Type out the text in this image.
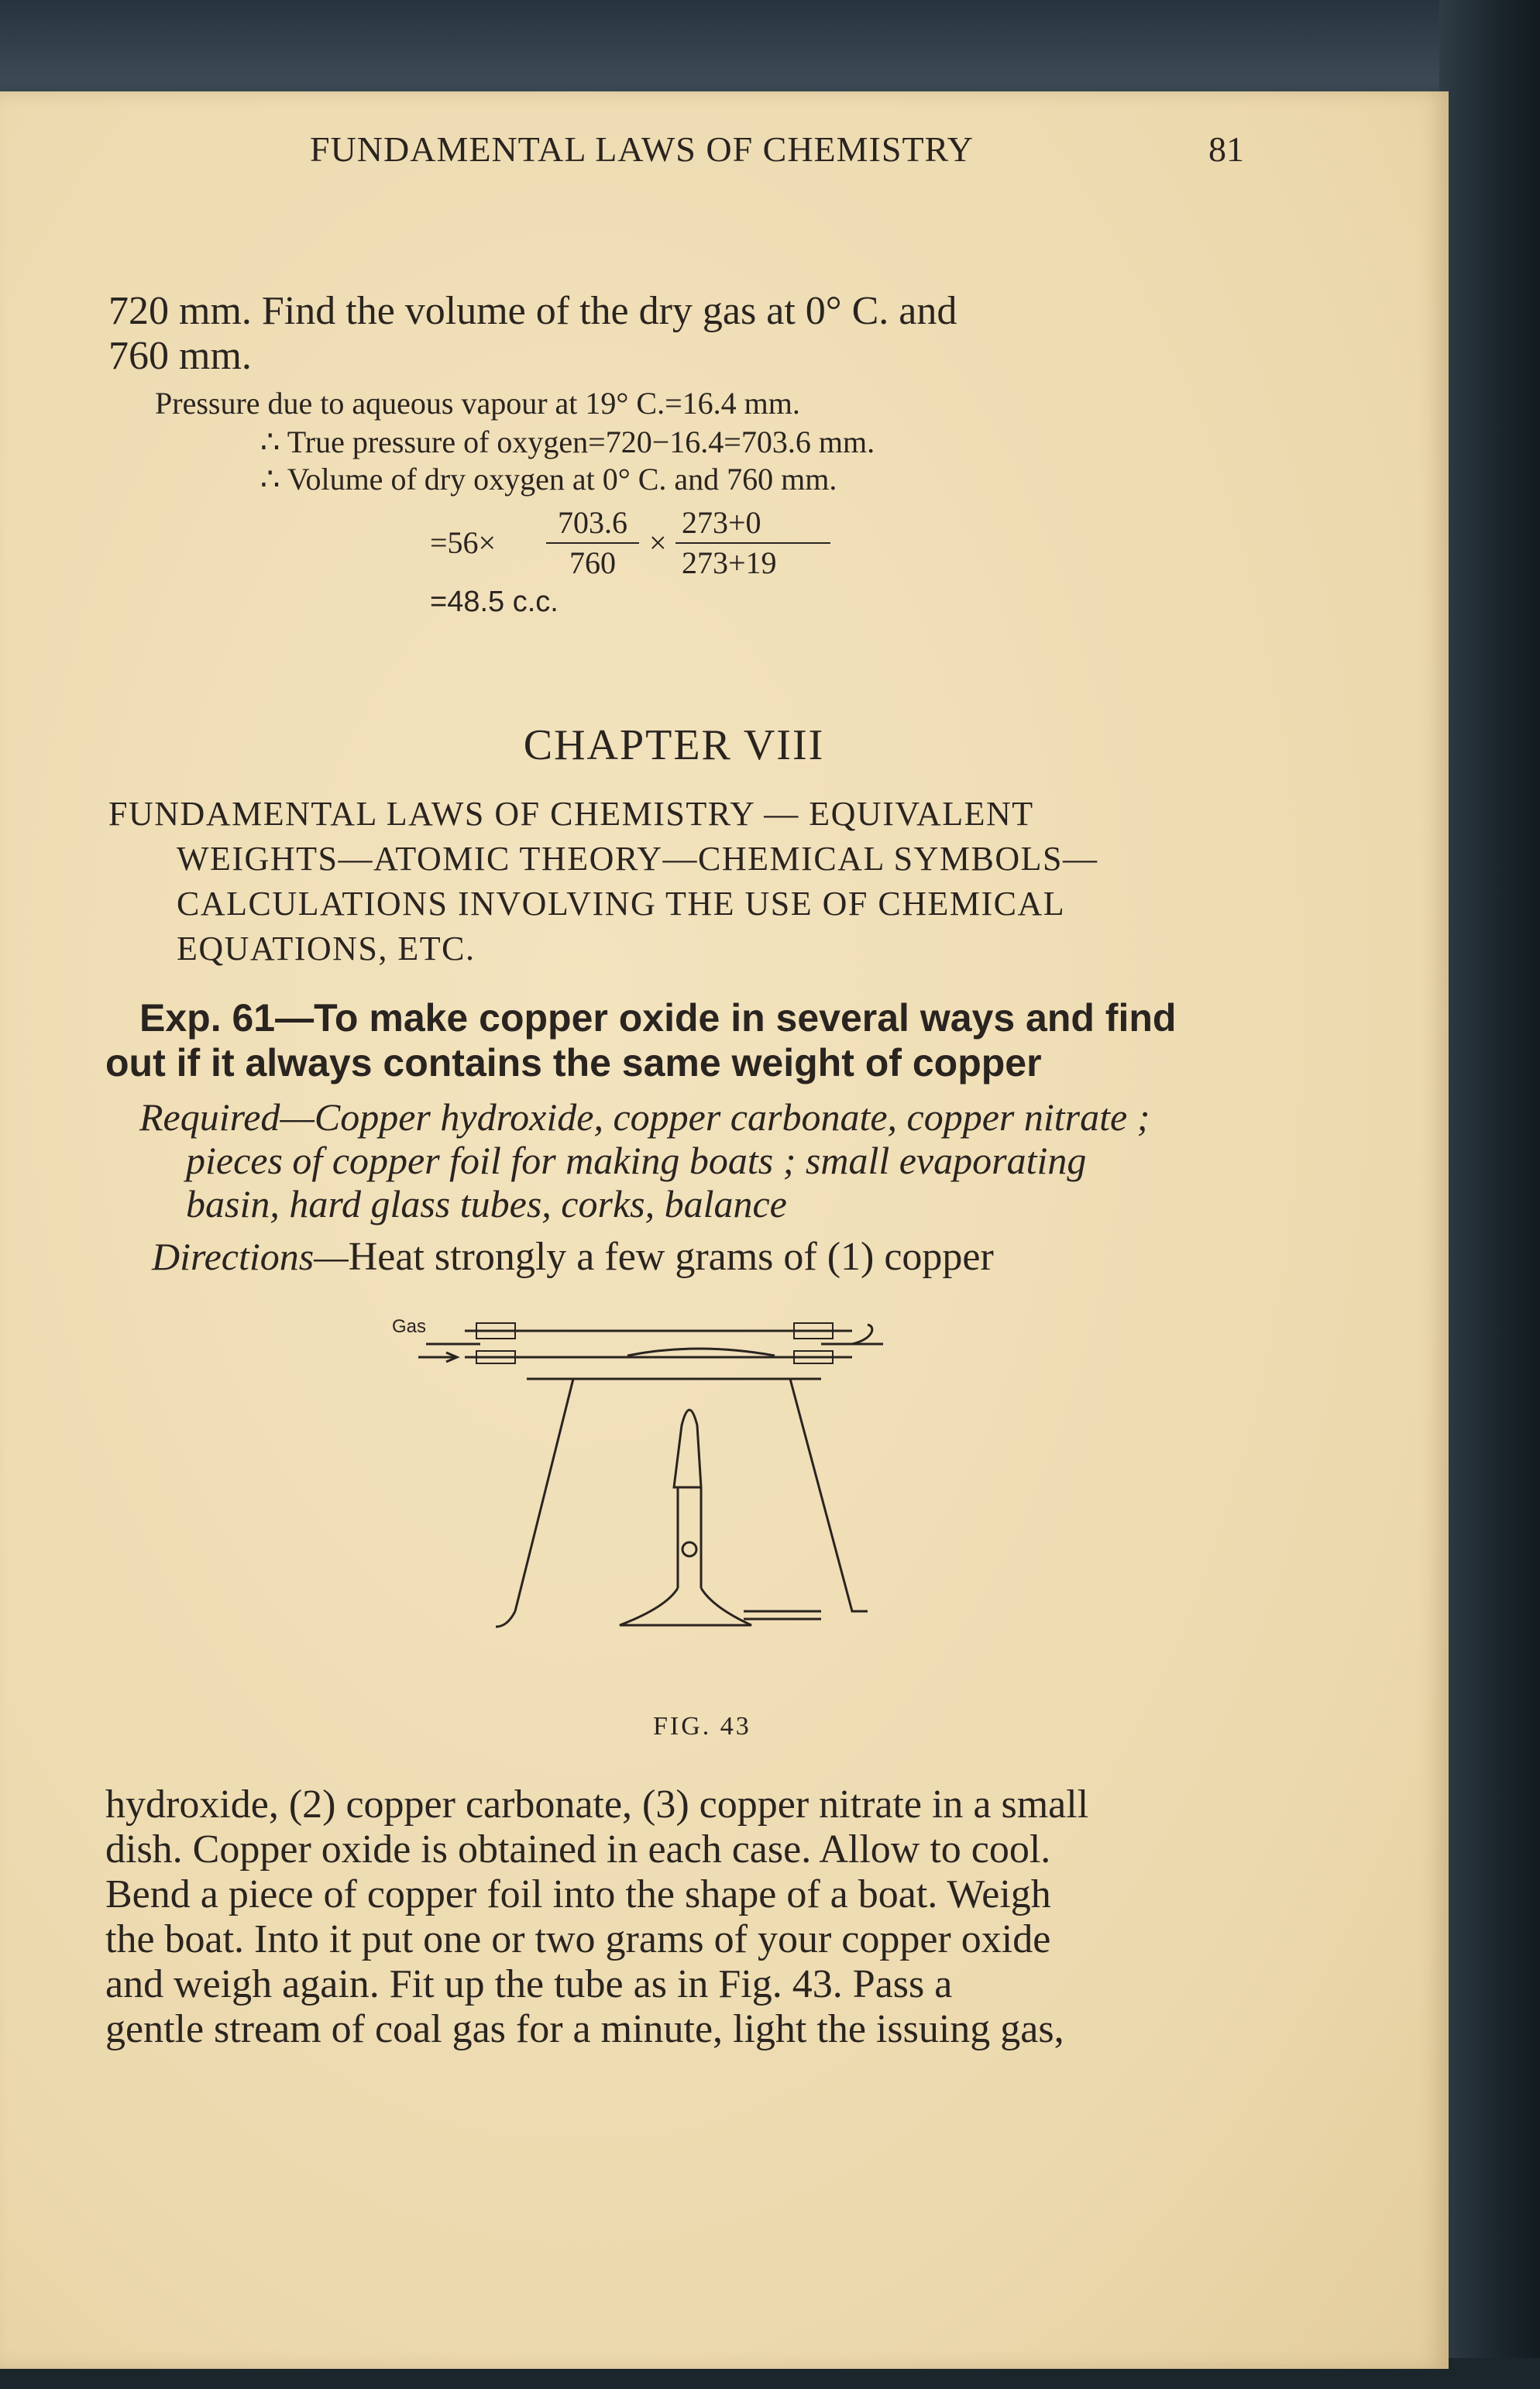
FUNDAMENTAL LAWS OF CHEMISTRY	81
720 mm. Find the volume of the dry gas at 0° C. and
760 mm.
Pressure due to aqueous vapour at 19° C.=16.4 mm.
∴ True pressure of oxygen=720−16.4=703.6 mm.
∴ Volume of dry oxygen at 0° C. and 760 mm.
=56×
703.6
760
×
273+0
273+19
=48.5 c.c.
CHAPTER VIII
FUNDAMENTAL LAWS OF CHEMISTRY — EQUIVALENT
WEIGHTS—ATOMIC THEORY—CHEMICAL SYMBOLS—
CALCULATIONS INVOLVING THE USE OF CHEMICAL
EQUATIONS, ETC.
Exp. 61—To make copper oxide in several ways and find
out if it always contains the same weight of copper
Required—Copper hydroxide, copper carbonate, copper nitrate ;
pieces of copper foil for making boats ; small evaporating
basin, hard glass tubes, corks, balance
Directions—Heat strongly a few grams of (1) copper
Gas
FIG. 43
hydroxide, (2) copper carbonate, (3) copper nitrate in a small
dish. Copper oxide is obtained in each case. Allow to cool.
Bend a piece of copper foil into the shape of a boat. Weigh
the boat. Into it put one or two grams of your copper oxide
and weigh again. Fit up the tube as in Fig. 43. Pass a
gentle stream of coal gas for a minute, light the issuing gas,
